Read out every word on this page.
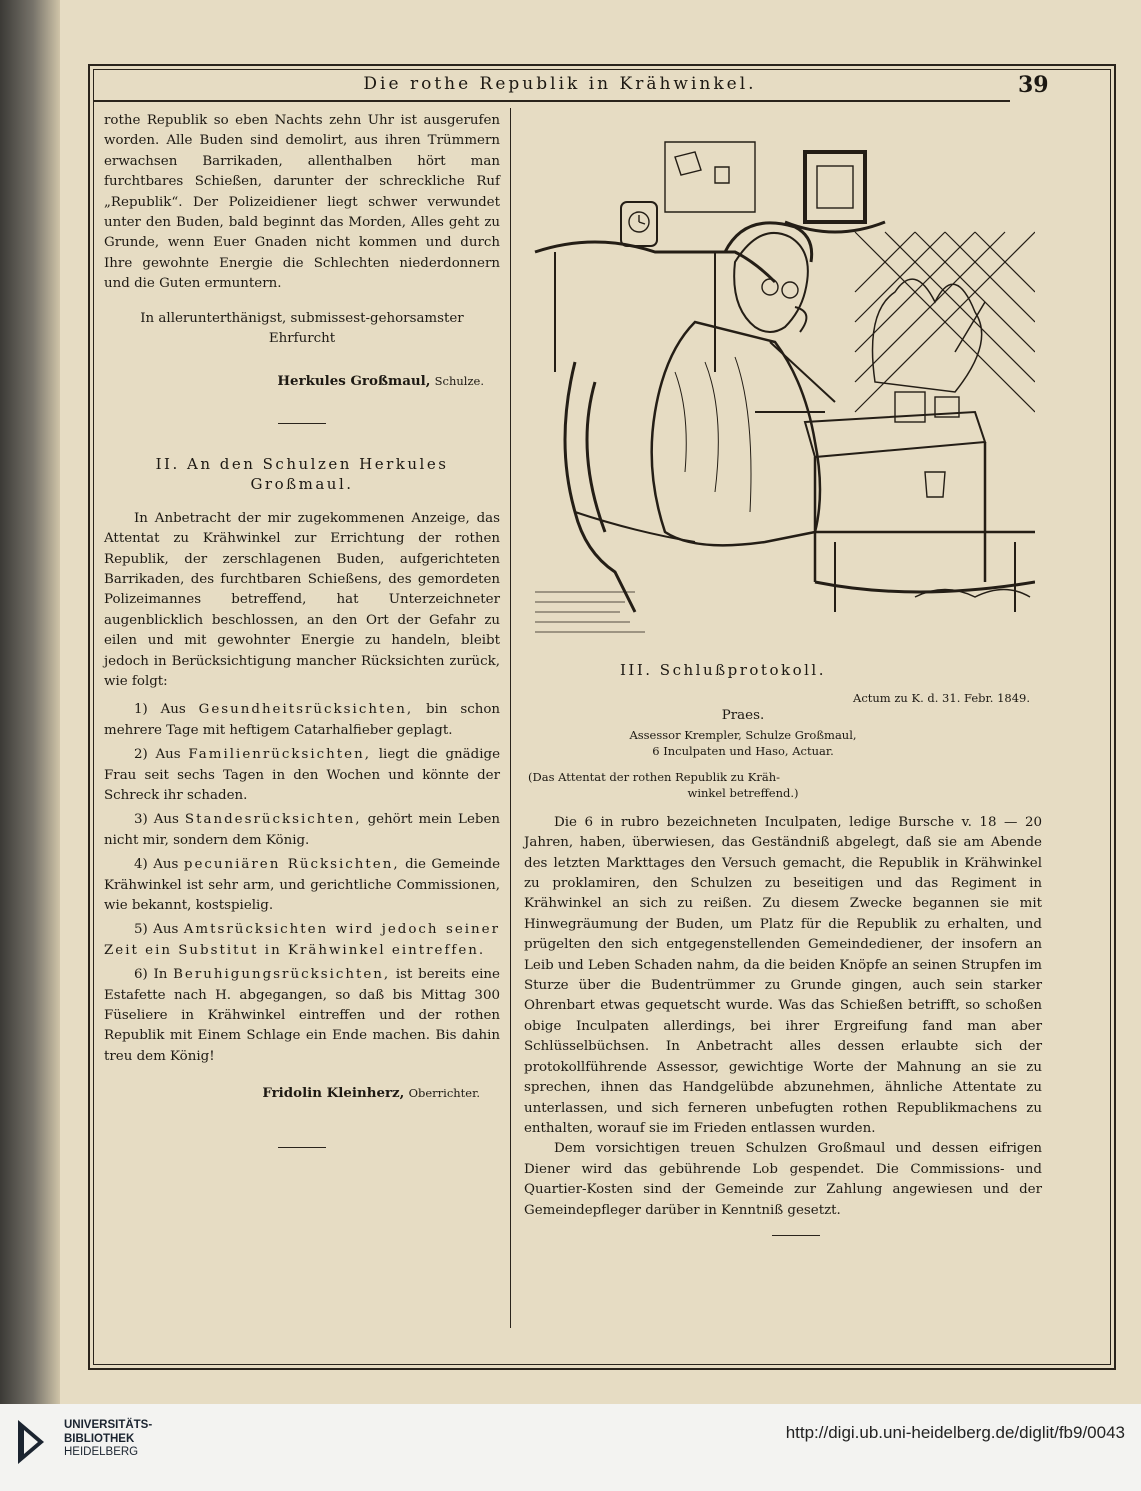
Die rothe Republik in Krähwinkel.	39

rothe Republik so eben Nachts zehn Uhr ist ausgerufen worden. Alle Buden sind demolirt, aus ihren Trümmern erwachsen Barrikaden, allenthalben hört man furchtbares Schießen, darunter der schreckliche Ruf „Republik“. Der Polizeidiener liegt schwer verwundet unter den Buden, bald beginnt das Morden, Alles geht zu Grunde, wenn Euer Gnaden nicht kommen und durch Ihre gewohnte Energie die Schlechten niederdonnern und die Guten ermuntern.

In allerunterthänigst, submissest-gehorsamster

Ehrfurcht

Herkules Großmaul, Schulze.

II. An den Schulzen Herkules Großmaul.

In Anbetracht der mir zugekommenen Anzeige, das Attentat zu Krähwinkel zur Errichtung der rothen Republik, der zerschlagenen Buden, aufgerichteten Barrikaden, des furchtbaren Schießens, des gemordeten Polizeimannes betreffend, hat Unterzeichneter augenblicklich beschlossen, an den Ort der Gefahr zu eilen und mit gewohnter Energie zu handeln, bleibt jedoch in Berücksichtigung mancher Rücksichten zurück, wie folgt:

1) Aus Gesundheitsrücksichten, bin schon mehrere Tage mit heftigem Catarhalfieber geplagt.

2) Aus Familienrücksichten, liegt die gnädige Frau seit sechs Tagen in den Wochen und könnte der Schreck ihr schaden.

3) Aus Standesrücksichten, gehört mein Leben nicht mir, sondern dem König.

4) Aus pecuniären Rücksichten, die Gemeinde Krähwinkel ist sehr arm, und gerichtliche Commissionen, wie bekannt, kostspielig.

5) Aus Amtsrücksichten wird jedoch seiner Zeit ein Substitut in Krähwinkel eintreffen.

6) In Beruhigungsrücksichten, ist bereits eine Estafette nach H. abgegangen, so daß bis Mittag 300 Füseliere in Krähwinkel eintreffen und der rothen Republik mit Einem Schlage ein Ende machen. Bis dahin treu dem König!

Fridolin Kleinherz, Oberrichter.

III. Schlußprotokoll.

Actum zu K. d. 31. Febr. 1849.

Praes.

Assessor Krempler, Schulze Großmaul,

6 Inculpaten und Haso, Actuar.

(Das Attentat der rothen Republik zu Kräh-

winkel betreffend.)

Die 6 in rubro bezeichneten Inculpaten, ledige Bursche v. 18 — 20 Jahren, haben, überwiesen, das Geständniß abgelegt, daß sie am Abende des letzten Markttages den Versuch gemacht, die Republik in Krähwinkel zu proklamiren, den Schulzen zu beseitigen und das Regiment in Krähwinkel an sich zu reißen. Zu diesem Zwecke begannen sie mit Hinwegräumung der Buden, um Platz für die Republik zu erhalten, und prügelten den sich entgegenstellenden Gemeindediener, der insofern an Leib und Leben Schaden nahm, da die beiden Knöpfe an seinen Strupfen im Sturze über die Budentrümmer zu Grunde gingen, auch sein starker Ohrenbart etwas gequetscht wurde. Was das Schießen betrifft, so schoßen obige Inculpaten allerdings, bei ihrer Ergreifung fand man aber Schlüsselbüchsen. In Anbetracht alles dessen erlaubte sich der protokollführende Assessor, gewichtige Worte der Mahnung an sie zu sprechen, ihnen das Handgelübde abzunehmen, ähnliche Attentate zu unterlassen, und sich ferneren unbefugten rothen Republikmachens zu enthalten, worauf sie im Frieden entlassen wurden.

Dem vorsichtigen treuen Schulzen Großmaul und dessen eifrigen Diener wird das gebührende Lob gespendet. Die Commissions- und Quartier-Kosten sind der Gemeinde zur Zahlung angewiesen und der Gemeindepfleger darüber in Kenntniß gesetzt.

UNIVERSITÄTS-
BIBLIOTHEK
HEIDELBERG
http://digi.ub.uni-heidelberg.de/diglit/fb9/0043
